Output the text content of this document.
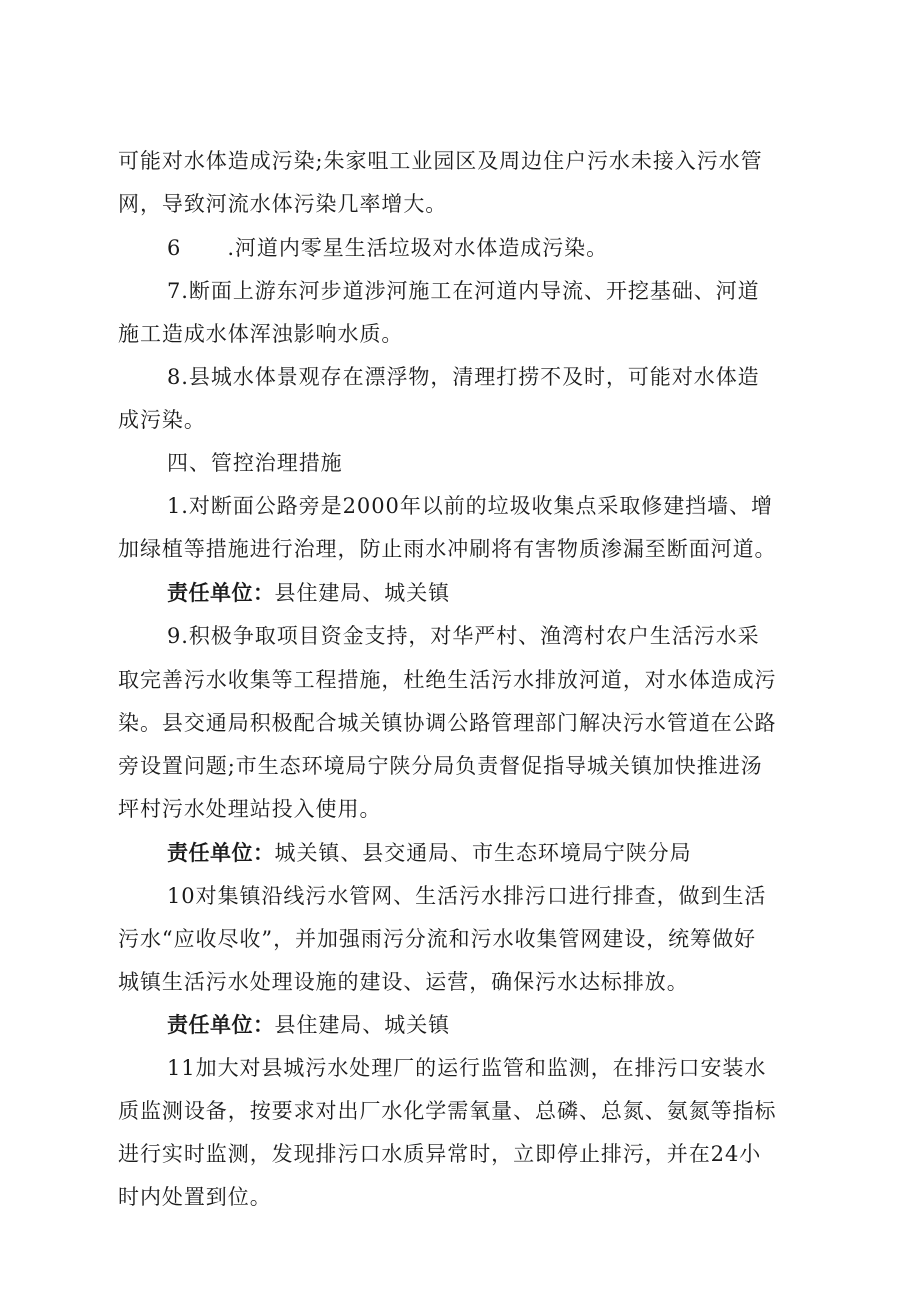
可能对水体造成污染;朱家咀工业园区及周边住户污水未接入污水管
网，导致河流水体污染几率增大。
6 .河道内零星生活垃圾对水体造成污染。
7.断面上游东河步道涉河施工在河道内导流、开挖基础、河道
施工造成水体浑浊影响水质。
8.县城水体景观存在漂浮物，清理打捞不及时，可能对水体造
成污染。
四、管控治理措施
1.对断面公路旁是2000年以前的垃圾收集点采取修建挡墙、增
加绿植等措施进行治理，防止雨水冲刷将有害物质渗漏至断面河道。
责任单位：县住建局、城关镇
9.积极争取项目资金支持，对华严村、渔湾村农户生活污水采
取完善污水收集等工程措施，杜绝生活污水排放河道，对水体造成污
染。县交通局积极配合城关镇协调公路管理部门解决污水管道在公路
旁设置问题;市生态环境局宁陕分局负责督促指导城关镇加快推进汤
坪村污水处理站投入使用。
责任单位：城关镇、县交通局、市生态环境局宁陕分局
10对集镇沿线污水管网、生活污水排污口进行排查，做到生活
污水“应收尽收”，并加强雨污分流和污水收集管网建设，统筹做好
城镇生活污水处理设施的建设、运营，确保污水达标排放。
责任单位：县住建局、城关镇
11加大对县城污水处理厂的运行监管和监测，在排污口安装水
质监测设备，按要求对出厂水化学需氧量、总磷、总氮、氨氮等指标
进行实时监测，发现排污口水质异常时，立即停止排污，并在24小
时内处置到位。
